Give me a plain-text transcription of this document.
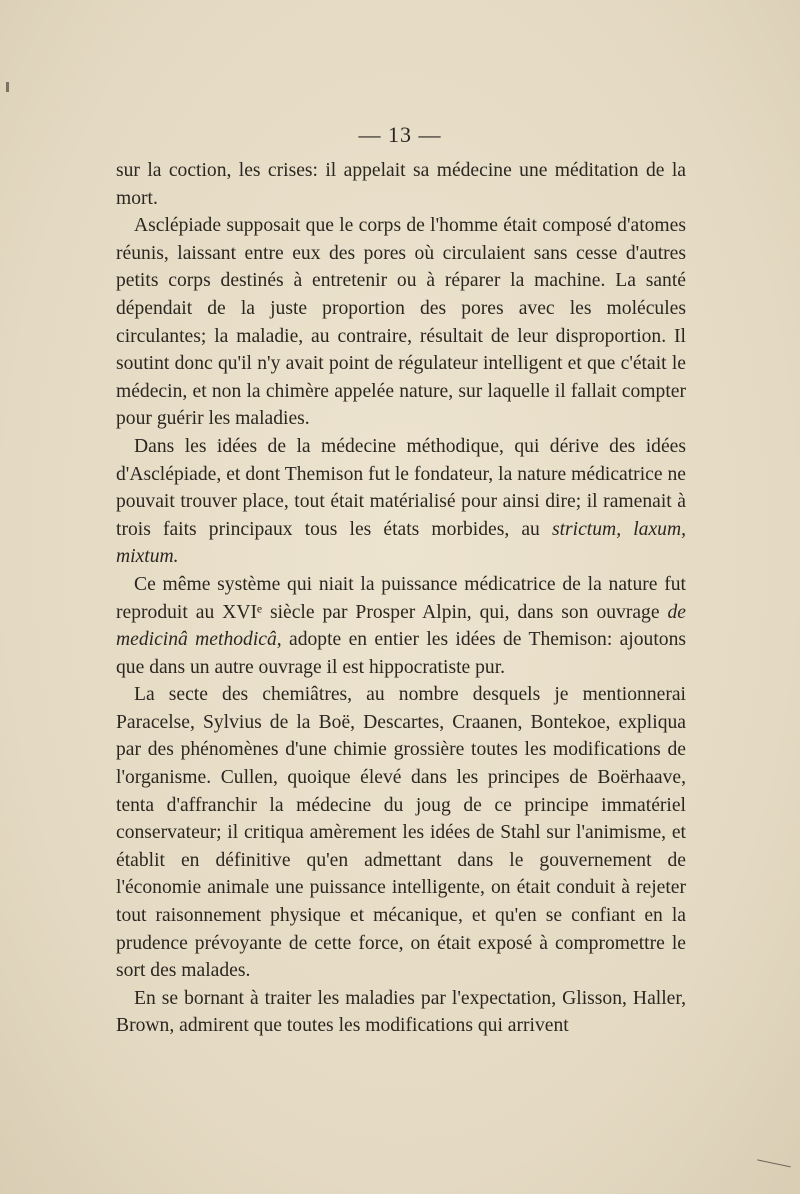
— 13 —

sur la coction, les crises: il appelait sa médecine une méditation de la mort.

Asclépiade supposait que le corps de l'homme était composé d'atomes réunis, laissant entre eux des pores où circulaient sans cesse d'autres petits corps destinés à entretenir ou à réparer la machine. La santé dépendait de la juste proportion des pores avec les molécules circulantes; la maladie, au contraire, résultait de leur disproportion. Il soutint donc qu'il n'y avait point de régulateur intelligent et que c'était le médecin, et non la chimère appelée nature, sur laquelle il fallait compter pour guérir les maladies.

Dans les idées de la médecine méthodique, qui dérive des idées d'Asclépiade, et dont Themison fut le fondateur, la nature médicatrice ne pouvait trouver place, tout était matérialisé pour ainsi dire; il ramenait à trois faits principaux tous les états morbides, au strictum, laxum, mixtum.

Ce même système qui niait la puissance médicatrice de la nature fut reproduit au XVIᵉ siècle par Prosper Alpin, qui, dans son ouvrage de medicinâ methodicâ, adopte en entier les idées de Themison: ajoutons que dans un autre ouvrage il est hippocratiste pur.

La secte des chemiâtres, au nombre desquels je mentionnerai Paracelse, Sylvius de la Boë, Descartes, Craanen, Bontekoe, expliqua par des phénomènes d'une chimie grossière toutes les modifications de l'organisme. Cullen, quoique élevé dans les principes de Boërhaave, tenta d'affranchir la médecine du joug de ce principe immatériel conservateur; il critiqua amèrement les idées de Stahl sur l'animisme, et établit en définitive qu'en admettant dans le gouvernement de l'économie animale une puissance intelligente, on était conduit à rejeter tout raisonnement physique et mécanique, et qu'en se confiant en la prudence prévoyante de cette force, on était exposé à compromettre le sort des malades.

En se bornant à traiter les maladies par l'expectation, Glisson, Haller, Brown, admirent que toutes les modifications qui arrivent
